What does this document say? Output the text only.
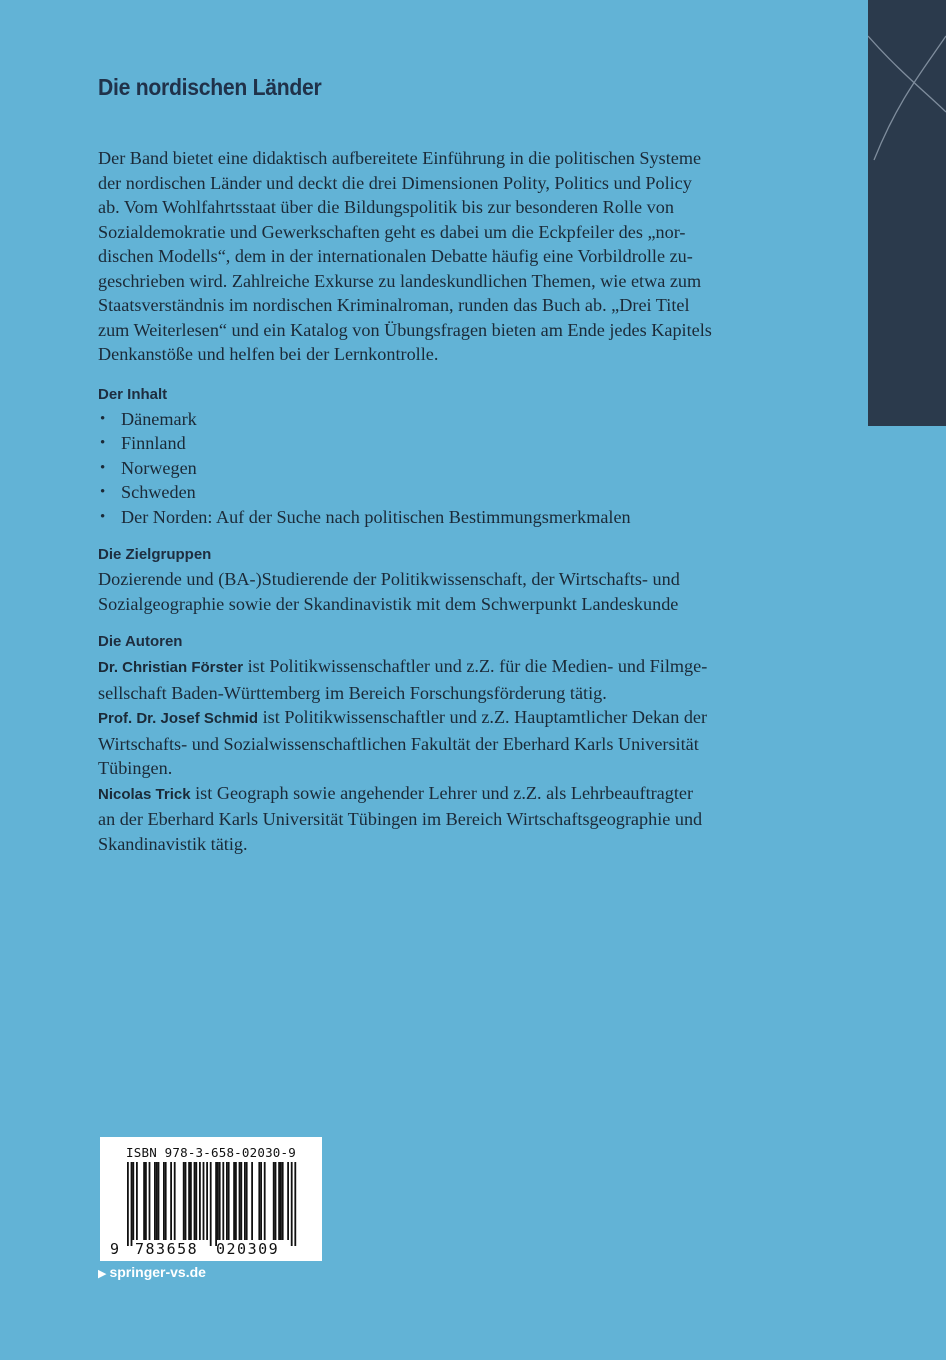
Die nordischen Länder

Der Band bietet eine didaktisch aufbereitete Einführung in die politischen Systeme
der nordischen Länder und deckt die drei Dimensionen Polity, Politics und Policy
ab. Vom Wohlfahrtsstaat über die Bildungspolitik bis zur besonderen Rolle von
Sozialdemokratie und Gewerkschaften geht es dabei um die Eckpfeiler des „nor-
dischen Modells“, dem in der internationalen Debatte häufig eine Vorbildrolle zu-
geschrieben wird. Zahlreiche Exkurse zu landeskundlichen Themen, wie etwa zum
Staatsverständnis im nordischen Kriminalroman, runden das Buch ab. „Drei Titel
zum Weiterlesen“ und ein Katalog von Übungsfragen bieten am Ende jedes Kapitels
Denkanstöße und helfen bei der Lernkontrolle.

Der Inhalt
• Dänemark
• Finnland
• Norwegen
• Schweden
• Der Norden: Auf der Suche nach politischen Bestimmungsmerkmalen
Die Zielgruppen

Dozierende und (BA-)Studierende der Politikwissenschaft, der Wirtschafts- und
Sozialgeographie sowie der Skandinavistik mit dem Schwerpunkt Landeskunde

Die Autoren

Dr. Christian Förster ist Politikwissenschaftler und z.Z. für die Medien- und Filmge-
sellschaft Baden-Württemberg im Bereich Forschungsförderung tätig.

Prof. Dr. Josef Schmid ist Politikwissenschaftler und z.Z. Hauptamtlicher Dekan der
Wirtschafts- und Sozialwissenschaftlichen Fakultät der Eberhard Karls Universität
Tübingen.

Nicolas Trick ist Geograph sowie angehender Lehrer und z.Z. als Lehrbeauftragter
an der Eberhard Karls Universität Tübingen im Bereich Wirtschaftsgeographie und
Skandinavistik tätig.

ISBN 978-3-658-02030-9
9 783658 020309
▶ springer-vs.de
